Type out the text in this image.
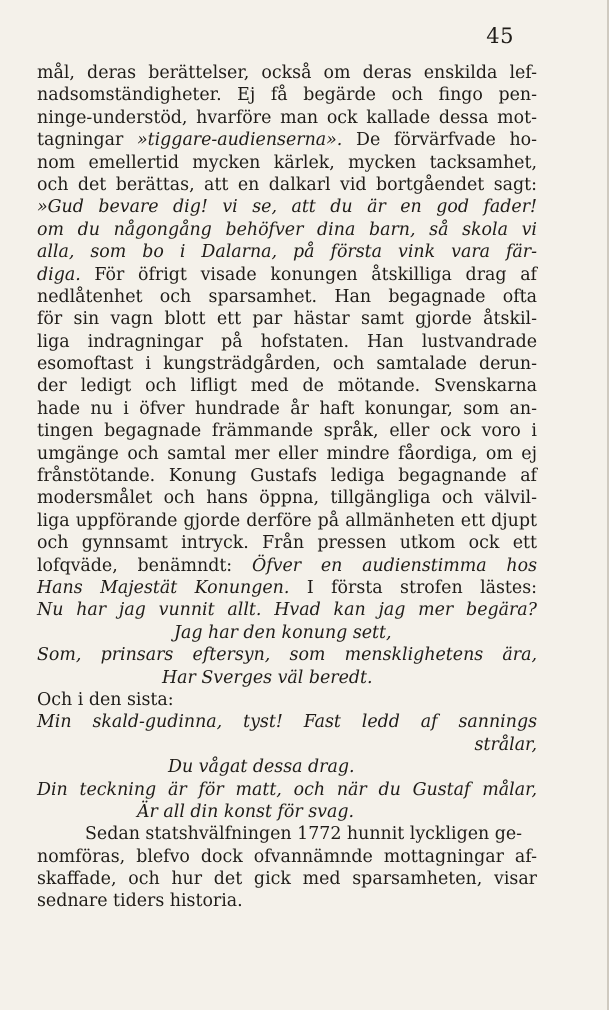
45
mål, deras berättelser, också om deras enskilda lef-
nadsomständigheter. Ej få begärde och fingo pen-
ninge-understöd, hvarföre man ock kallade dessa mot-
tagningar »tiggare-audienserna». De förvärfvade ho-
nom emellertid mycken kärlek, mycken tacksamhet,
och det berättas, att en dalkarl vid bortgåendet sagt:
»Gud bevare dig! vi se, att du är en god fader!
om du någongång behöfver dina barn, så skola vi
alla, som bo i Dalarna, på första vink vara fär-
diga. För öfrigt visade konungen åtskilliga drag af
nedlåtenhet och sparsamhet. Han begagnade ofta
för sin vagn blott ett par hästar samt gjorde åtskil-
liga indragningar på hofstaten. Han lustvandrade
esomoftast i kungsträdgården, och samtalade derun-
der ledigt och lifligt med de mötande. Svenskarna
hade nu i öfver hundrade år haft konungar, som an-
tingen begagnade främmande språk, eller ock voro i
umgänge och samtal mer eller mindre fåordiga, om ej
frånstötande. Konung Gustafs lediga begagnande af
modersmålet och hans öppna, tillgängliga och välvil-
liga uppförande gjorde derföre på allmänheten ett djupt
och gynnsamt intryck. Från pressen utkom ock ett
lofqväde, benämndt: Öfver en audienstimma hos
Hans Majestät Konungen. I första strofen lästes:
Nu har jag vunnit allt. Hvad kan jag mer begära?
Jag har den konung sett,
Som, prinsars eftersyn, som menskli​ghetens ära,
Har Sverges väl beredt.
Och i den sista:
Min skald-gudinna, tyst! Fast ledd af sannings
strålar,
Du vågat dessa drag.
Din teckning är för matt, och när du Gustaf målar,
Är all din konst för svag.
Sedan statshvälfningen 1772 hunnit lyckligen ge-
nomföras, blefvo dock ofvannämnde mottagningar af-
skaffade, och hur det gick med sparsamheten, visar
sednare tiders historia.
